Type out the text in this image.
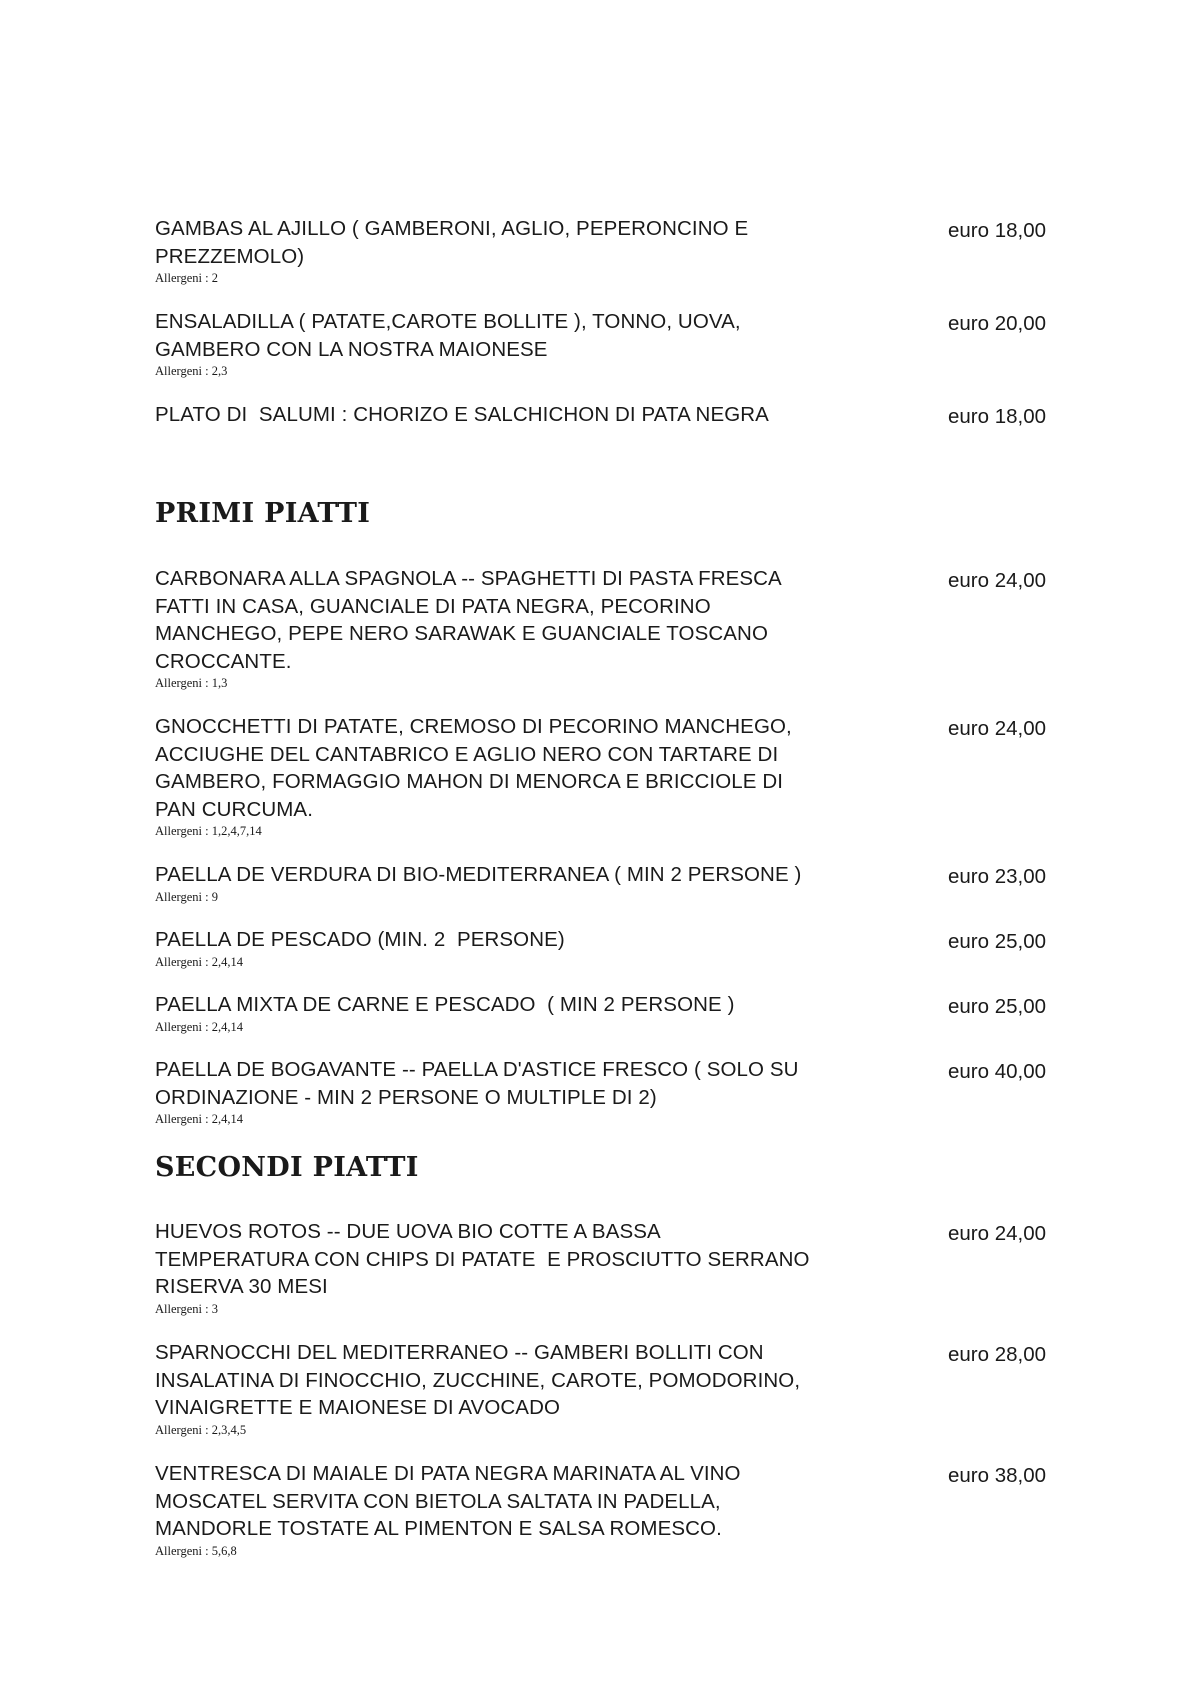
GAMBAS AL AJILLO ( GAMBERONI, AGLIO, PEPERONCINO E
PREZZEMOLO)
Allergeni : 2
euro 18,00
ENSALADILLA ( PATATE,CAROTE BOLLITE ), TONNO, UOVA,
GAMBERO CON LA NOSTRA MAIONESE
Allergeni : 2,3
euro 20,00
PLATO DI  SALUMI : CHORIZO E SALCHICHON DI PATA NEGRA	euro 18,00
PRIMI PIATTI
CARBONARA ALLA SPAGNOLA -- SPAGHETTI DI PASTA FRESCA
FATTI IN CASA, GUANCIALE DI PATA NEGRA, PECORINO
MANCHEGO, PEPE NERO SARAWAK E GUANCIALE TOSCANO
CROCCANTE.
Allergeni : 1,3
euro 24,00
GNOCCHETTI DI PATATE, CREMOSO DI PECORINO MANCHEGO,
ACCIUGHE DEL CANTABRICO E AGLIO NERO CON TARTARE DI
GAMBERO, FORMAGGIO MAHON DI MENORCA E BRICCIOLE DI
PAN CURCUMA.
Allergeni : 1,2,4,7,14
euro 24,00
PAELLA DE VERDURA DI BIO-MEDITERRANEA ( MIN 2 PERSONE )
Allergeni : 9
euro 23,00
PAELLA DE PESCADO (MIN. 2  PERSONE)
Allergeni : 2,4,14
euro 25,00
PAELLA MIXTA DE CARNE E PESCADO  ( MIN 2 PERSONE )
Allergeni : 2,4,14
euro 25,00
PAELLA DE BOGAVANTE -- PAELLA D'ASTICE FRESCO ( SOLO SU
ORDINAZIONE - MIN 2 PERSONE O MULTIPLE DI 2)
Allergeni : 2,4,14
euro 40,00
SECONDI PIATTI
HUEVOS ROTOS -- DUE UOVA BIO COTTE A BASSA
TEMPERATURA CON CHIPS DI PATATE  E PROSCIUTTO SERRANO
RISERVA 30 MESI
Allergeni : 3
euro 24,00
SPARNOCCHI DEL MEDITERRANEO -- GAMBERI BOLLITI CON
INSALATINA DI FINOCCHIO, ZUCCHINE, CAROTE, POMODORINO,
VINAIGRETTE E MAIONESE DI AVOCADO
Allergeni : 2,3,4,5
euro 28,00
VENTRESCA DI MAIALE DI PATA NEGRA MARINATA AL VINO
MOSCATEL SERVITA CON BIETOLA SALTATA IN PADELLA,
MANDORLE TOSTATE AL PIMENTON E SALSA ROMESCO.
Allergeni : 5,6,8
euro 38,00
